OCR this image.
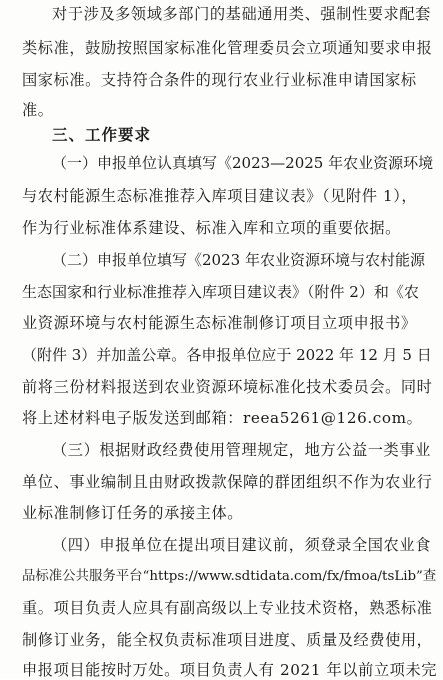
对于涉及多领域多部门的基础通用类、强制性要求配套
类标准，鼓励按照国家标准化管理委员会立项通知要求申报
国家标准。支持符合条件的现行农业行业标准申请国家标
准。
三、工作要求
（一）申报单位认真填写《2023—2025 年农业资源环境
与农村能源生态标准推荐入库项目建议表》（见附件 1），
作为行业标准体系建设、标准入库和立项的重要依据。
（二）申报单位填写《2023 年农业资源环境与农村能源
生态国家和行业标准推荐入库项目建议表》（附件 2）和《农
业资源环境与农村能源生态标准制修订项目立项申报书》
（附件 3）并加盖公章。各申报单位应于 2022 年 12 月 5 日
前将三份材料报送到农业资源环境标准化技术委员会。同时
将上述材料电子版发送到邮箱：reea5261@126.com。
（三）根据财政经费使用管理规定，地方公益一类事业
单位、事业编制且由财政拨款保障的群团组织不作为农业行
业标准制修订任务的承接主体。
（四）申报单位在提出项目建议前，须登录全国农业食
品标准公共服务平台“https://www.sdtidata.com/fx/fmoa/tsLib”查
重。项目负责人应具有副高级以上专业技术资格，熟悉标准
制修订业务，能全权负责标准项目进度、质量及经费使用，
申报项目能按时万处。项目负责人有 2021 年以前立项未完
